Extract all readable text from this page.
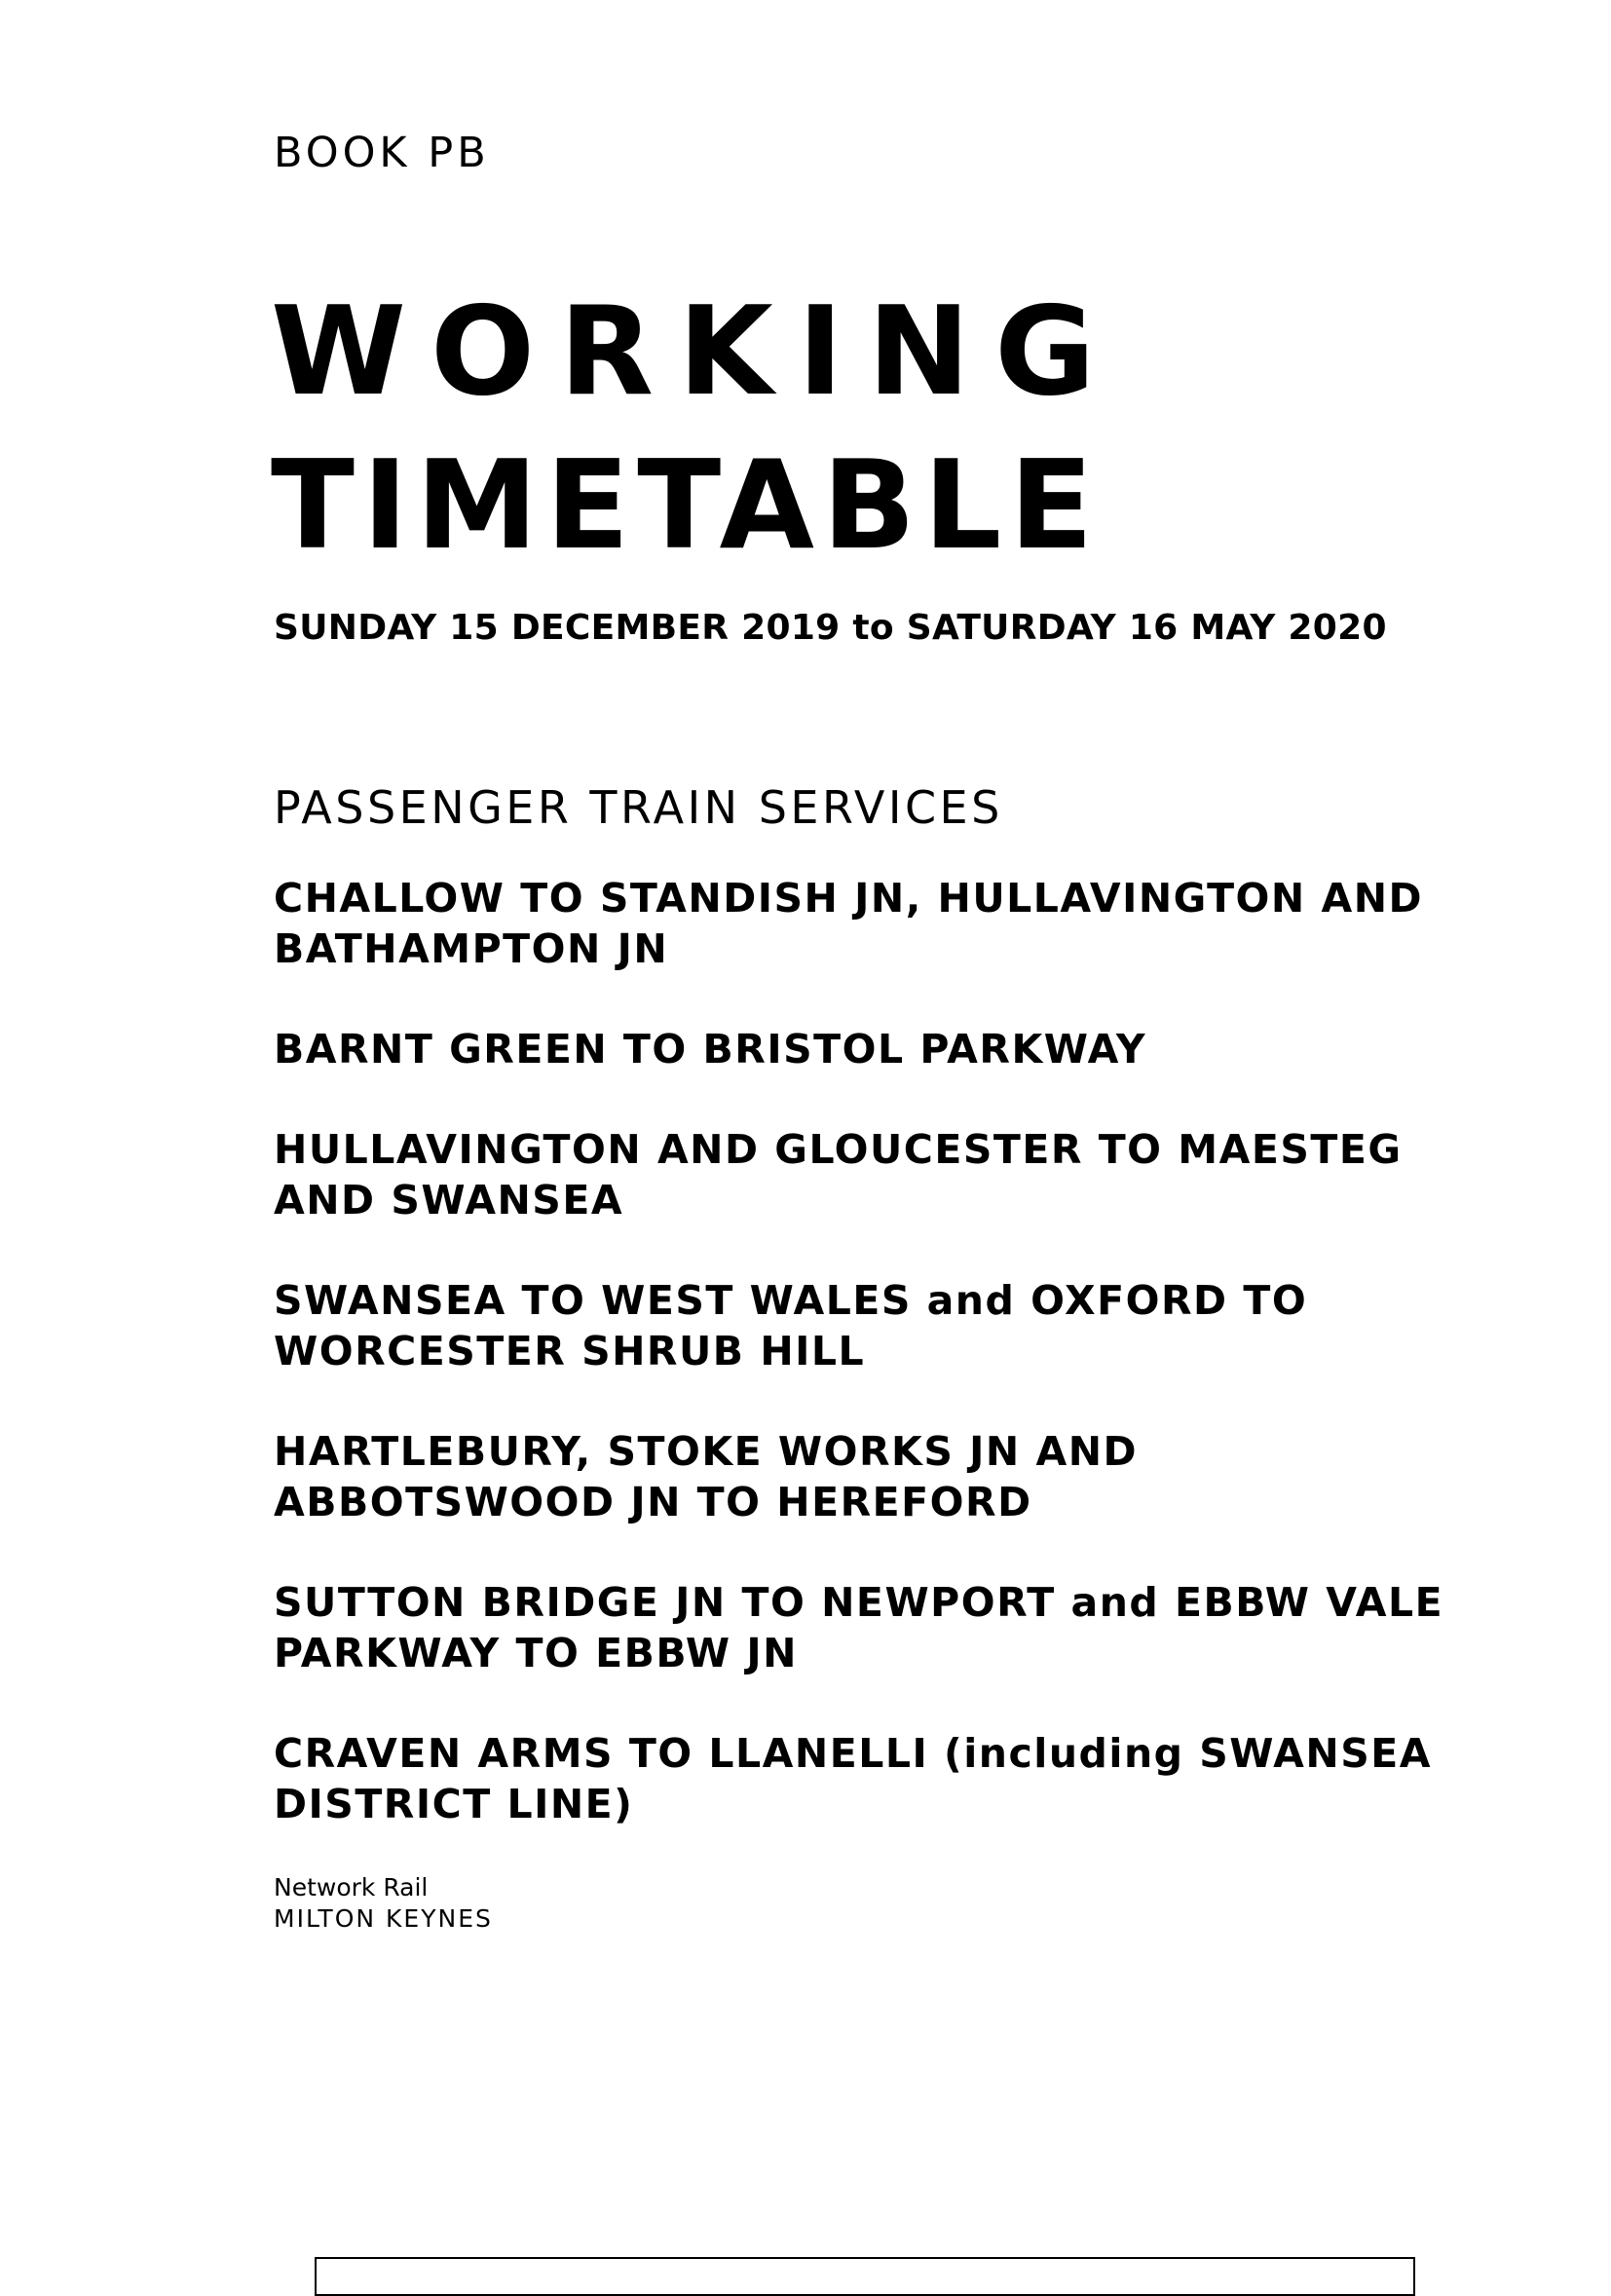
BOOK PB

WORKING
TIMETABLE

SUNDAY 15 DECEMBER 2019 to SATURDAY 16 MAY 2020

PASSENGER TRAIN SERVICES
CHALLOW TO STANDISH JN, HULLAVINGTON AND
BATHAMPTON JN
BARNT GREEN TO BRISTOL PARKWAY
HULLAVINGTON AND GLOUCESTER TO MAESTEG
AND SWANSEA
SWANSEA TO WEST WALES and OXFORD TO
WORCESTER SHRUB HILL
HARTLEBURY, STOKE WORKS JN AND
ABBOTSWOOD JN TO HEREFORD
SUTTON BRIDGE JN TO NEWPORT and EBBW VALE
PARKWAY TO EBBW JN
CRAVEN ARMS TO LLANELLI (including SWANSEA
DISTRICT LINE)
Network Rail
MILTON KEYNES
